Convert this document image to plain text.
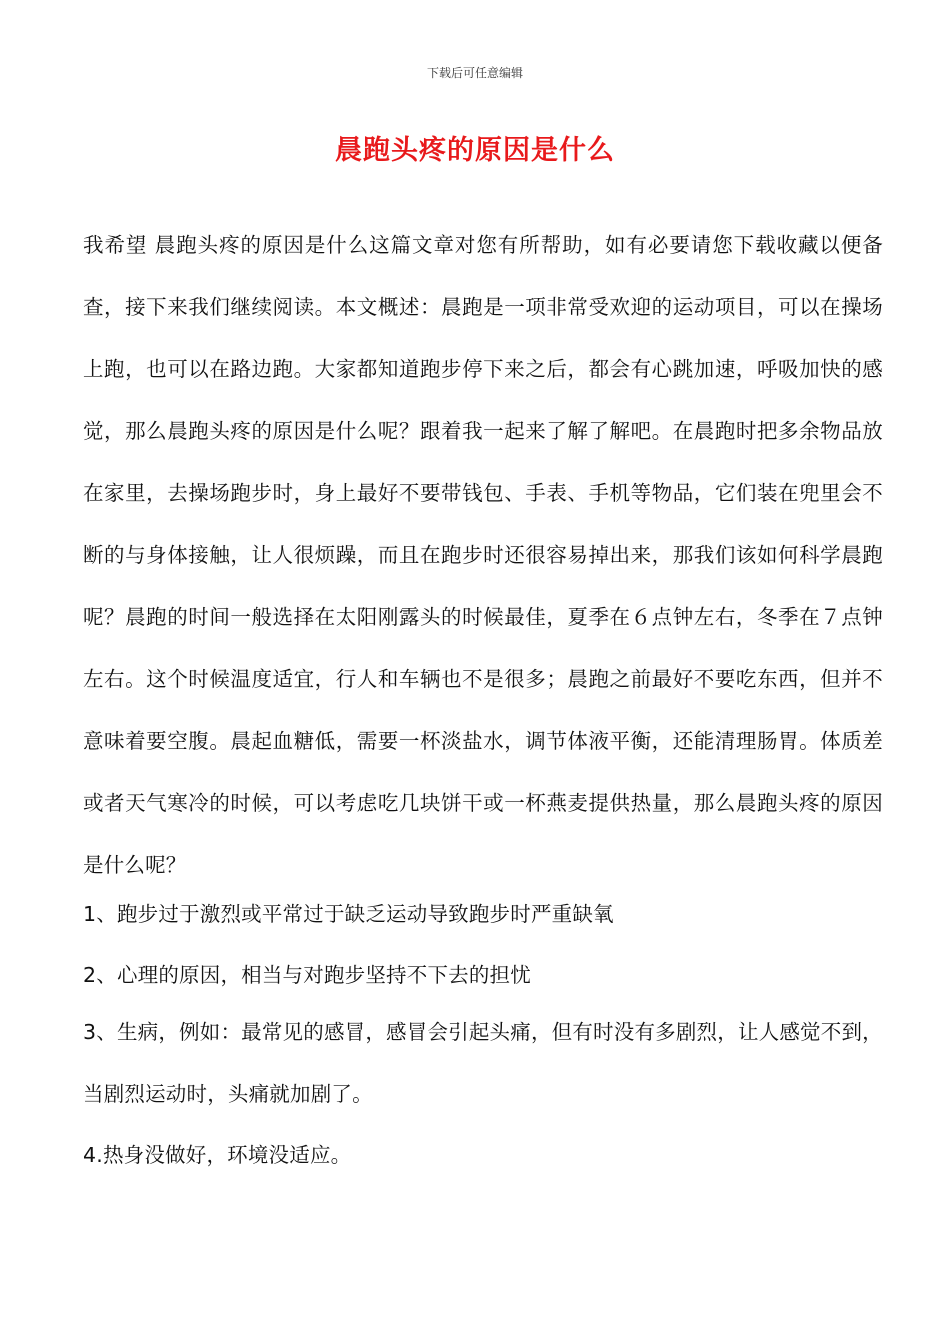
下载后可任意编辑
晨跑头疼的原因是什么

我希望 晨跑头疼的原因是什么这篇文章对您有所帮助，如有必要请您下载收藏以便备查，接下来我们继续阅读。本文概述：晨跑是一项非常受欢迎的运动项目，可以在操场上跑，也可以在路边跑。大家都知道跑步停下来之后，都会有心跳加速，呼吸加快的感觉，那么晨跑头疼的原因是什么呢？跟着我一起来了解了解吧。在晨跑时把多余物品放在家里，去操场跑步时，身上最好不要带钱包、手表、手机等物品，它们装在兜里会不断的与身体接触，让人很烦躁，而且在跑步时还很容易掉出来，那我们该如何科学晨跑呢？晨跑的时间一般选择在太阳刚露头的时候最佳，夏季在６点钟左右，冬季在７点钟左右。这个时候温度适宜，行人和车辆也不是很多；晨跑之前最好不要吃东西，但并不意味着要空腹。晨起血糖低，需要一杯淡盐水，调节体液平衡，还能清理肠胃。体质差或者天气寒冷的时候，可以考虑吃几块饼干或一杯燕麦提供热量，那么晨跑头疼的原因是什么呢？

1、跑步过于激烈或平常过于缺乏运动导致跑步时严重缺氧

2、心理的原因，相当与对跑步坚持不下去的担忧

3、生病，例如：最常见的感冒，感冒会引起头痛，但有时没有多剧烈，让人感觉不到，当剧烈运动时，头痛就加剧了。

4.热身没做好，环境没适应。
